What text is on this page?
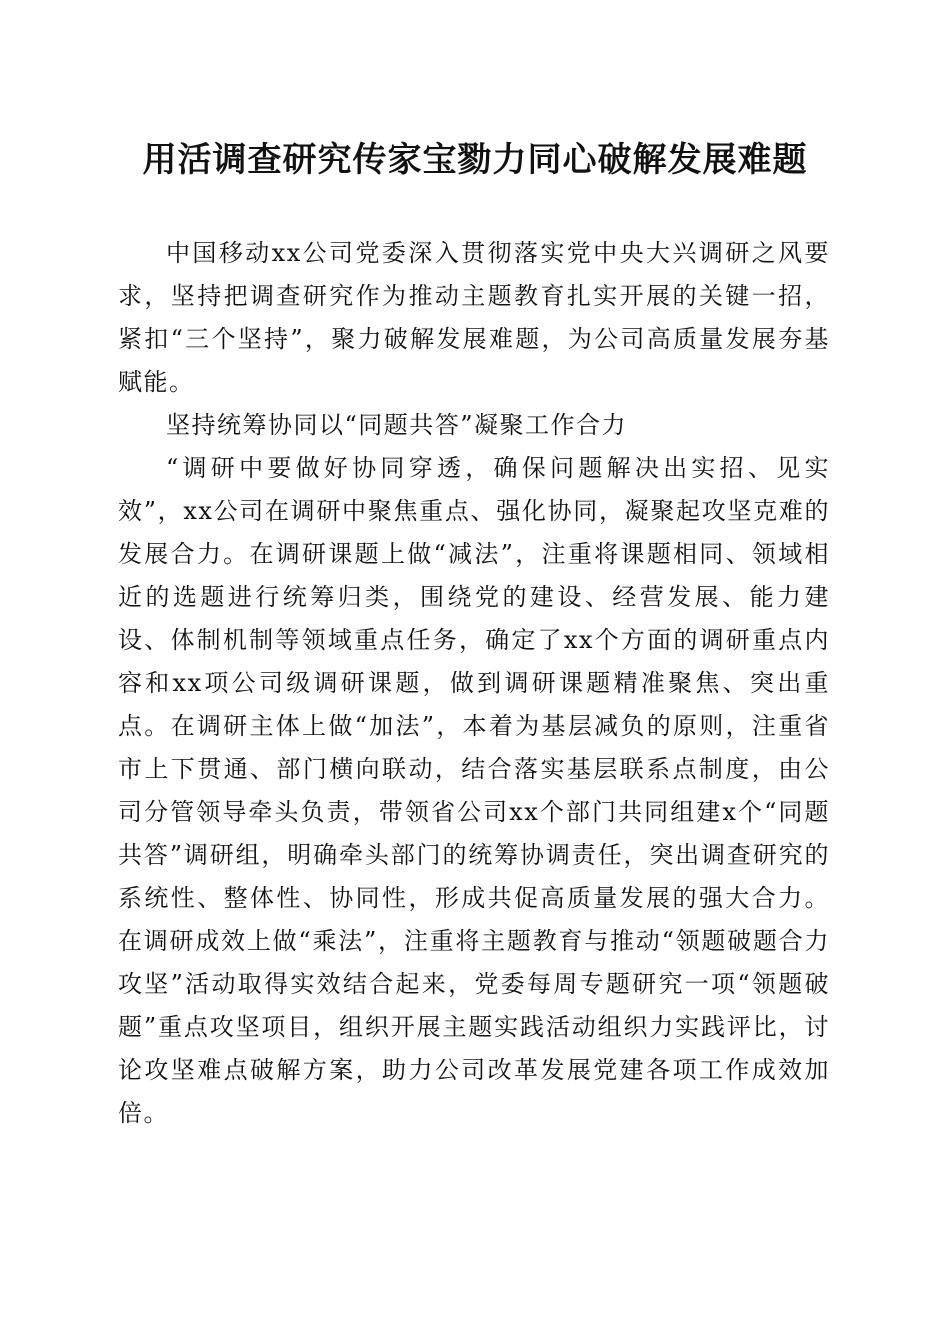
用活调查研究传家宝勠力同心破解发展难题

中国移动xx公司党委深入贯彻落实党中央大兴调研之风要求，坚持把调查研究作为推动主题教育扎实开展的关键一招，紧扣“三个坚持”，聚力破解发展难题，为公司高质量发展夯基赋能。

坚持统筹协同以“同题共答”凝聚工作合力

“调研中要做好协同穿透，确保问题解决出实招、见实效”，xx公司在调研中聚焦重点、强化协同，凝聚起攻坚克难的发展合力。在调研课题上做“减法”，注重将课题相同、领域相近的选题进行统筹归类，围绕党的建设、经营发展、能力建设、体制机制等领域重点任务，确定了xx个方面的调研重点内容和xx项公司级调研课题，做到调研课题精准聚焦、突出重点。在调研主体上做“加法”，本着为基层减负的原则，注重省市上下贯通、部门横向联动，结合落实基层联系点制度，由公司分管领导牵头负责，带领省公司xx个部门共同组建x个“同题共答”调研组，明确牵头部门的统筹协调责任，突出调查研究的系统性、整体性、协同性，形成共促高质量发展的强大合力。在调研成效上做“乘法”，注重将主题教育与推动“领题破题合力攻坚”活动取得实效结合起来，党委每周专题研究一项“领题破题”重点攻坚项目，组织开展主题实践活动组织力实践评比，讨论攻坚难点破解方案，助力公司改革发展党建各项工作成效加倍。
